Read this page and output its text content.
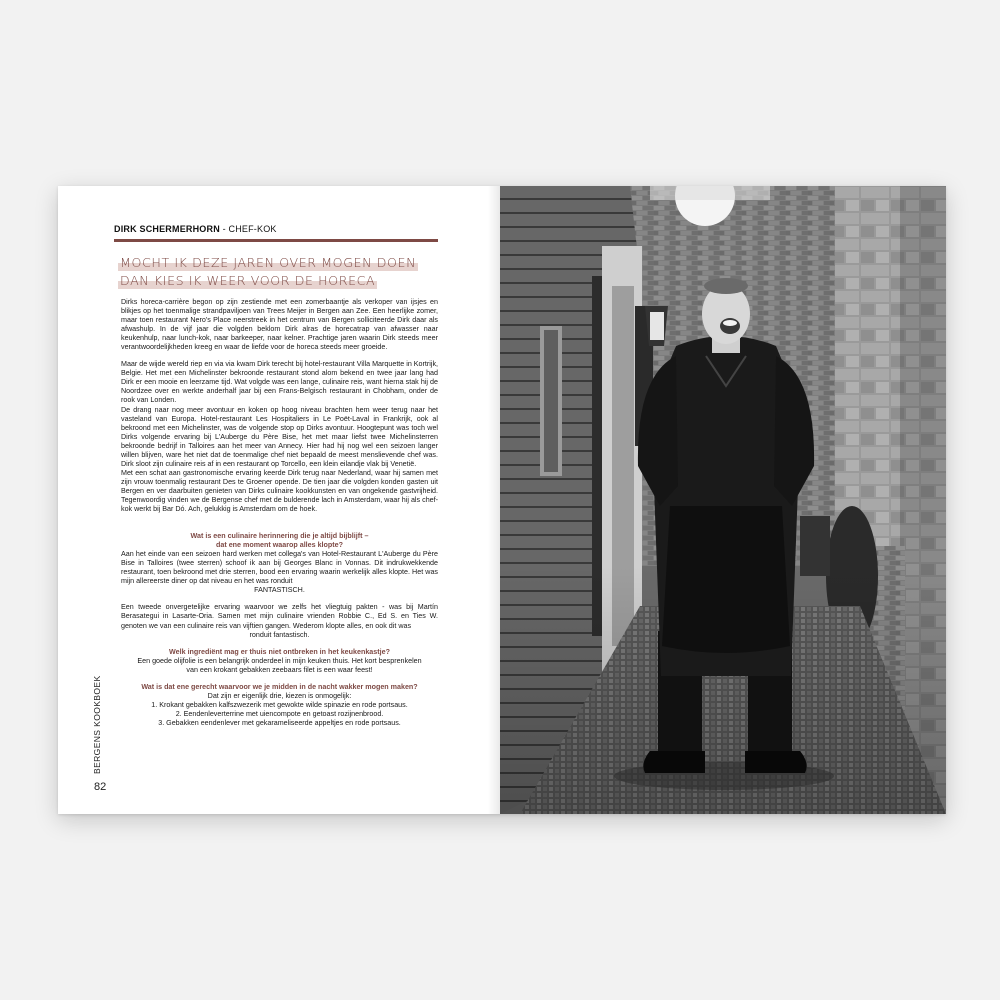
DIRK SCHERMERHORN - CHEF-KOK
MOCHT IK DEZE JAREN OVER MOGEN DOEN
DAN KIES IK WEER VOOR DE HORECA

Dirks horeca-carrière begon op zijn zestiende met een zomerbaantje als verkoper van ijsjes en blikjes op het toenmalige strandpaviljoen van Trees Meijer in Bergen aan Zee. Een heerlijke zomer, maar toen restaurant Nero's Place neerstreek in het centrum van Bergen solliciteerde Dirk daar als afwashulp. In de vijf jaar die volgden beklom Dirk alras de horecatrap van afwasser naar keukenhulp, naar lunch-kok, naar barkeeper, naar kelner. Prachtige jaren waarin Dirk steeds meer verantwoordelijkheden kreeg en waar de liefde voor de horeca steeds meer groeide.

Maar de wijde wereld riep en via via kwam Dirk terecht bij hotel-restaurant Villa Marquette in Kortrijk, Belgie. Het met een Michelinster bekroonde restaurant stond alom bekend en twee jaar lang had Dirk er een mooie en leerzame tijd. Wat volgde was een lange, culinaire reis, want hierna stak hij de Noordzee over en werkte anderhalf jaar bij een Frans-Belgisch restaurant in Chobham, onder de rook van Londen.

De drang naar nog meer avontuur en koken op hoog niveau brachten hem weer terug naar het vasteland van Europa. Hotel-restaurant Les Hospitaliers in Le Poët-Laval in Frankrijk, ook al bekroond met een Michelinster, was de volgende stop op Dirks avontuur. Hoogtepunt was toch wel Dirks volgende ervaring bij L'Auberge du Père Bise, het met maar liefst twee Michelinsterren bekroonde bedrijf in Talloires aan het meer van Annecy. Hier had hij nog wel een seizoen langer willen blijven, ware het niet dat de toenmalige chef niet bepaald de meest menslievende chef was. Dirk sloot zijn culinaire reis af in een restaurant op Torcello, een klein eilandje vlak bij Venetië.

Met een schat aan gastronomische ervaring keerde Dirk terug naar Nederland, waar hij samen met zijn vrouw toenmalig restaurant Des te Groener opende. De tien jaar die volgden konden gasten uit Bergen en ver daarbuiten genieten van Dirks culinaire kookkunsten en van ongekende gastvrijheid. Tegenwoordig vinden we de Bergense chef met de bulderende lach in Amsterdam, waar hij als chef-kok werkt bij Bar Dó. Ach, gelukkig is Amsterdam om de hoek.

Wat is een culinaire herinnering die je altijd bijblijft –

dat ene moment waarop alles klopte?

Aan het einde van een seizoen hard werken met collega's van Hotel-Restaurant L'Auberge du Père Bise in Talloires (twee sterren) schoof ik aan bij Georges Blanc in Vonnas. Dit indrukwekkende restaurant, toen bekroond met drie sterren, bood een ervaring waarin werkelijk alles klopte. Het was mijn allereerste diner op dat niveau en het was ronduit

FANTASTISCH.

Een tweede onvergetelijke ervaring waarvoor we zelfs het vliegtuig pakten - was bij Martín Berasategui in Lasarte-Oria. Samen met mijn culinaire vrienden Robbie C., Ed S. en Ties W. genoten we van een culinaire reis van vijftien gangen. Wederom klopte alles, en ook dit was

ronduit fantastisch.

Welk ingrediënt mag er thuis niet ontbreken in het keukenkastje?

Een goede olijfolie is een belangrijk onderdeel in mijn keuken thuis. Het kort besprenkelen

van een krokant gebakken zeebaars filet is een waar feest!

Wat is dat ene gerecht waarvoor we je midden in de nacht wakker mogen maken?

Dat zijn er eigenlijk drie, kiezen is onmogelijk:

1. Krokant gebakken kalfszwezerik met gewokte wilde spinazie en rode portsaus.
2. Eendenleverterrine met uiencompote en getoast rozijnenbrood.
3. Gebakken eendenlever met gekarameliseerde appeltjes en rode portsaus.
BERGENS KOOKBOEK
82
